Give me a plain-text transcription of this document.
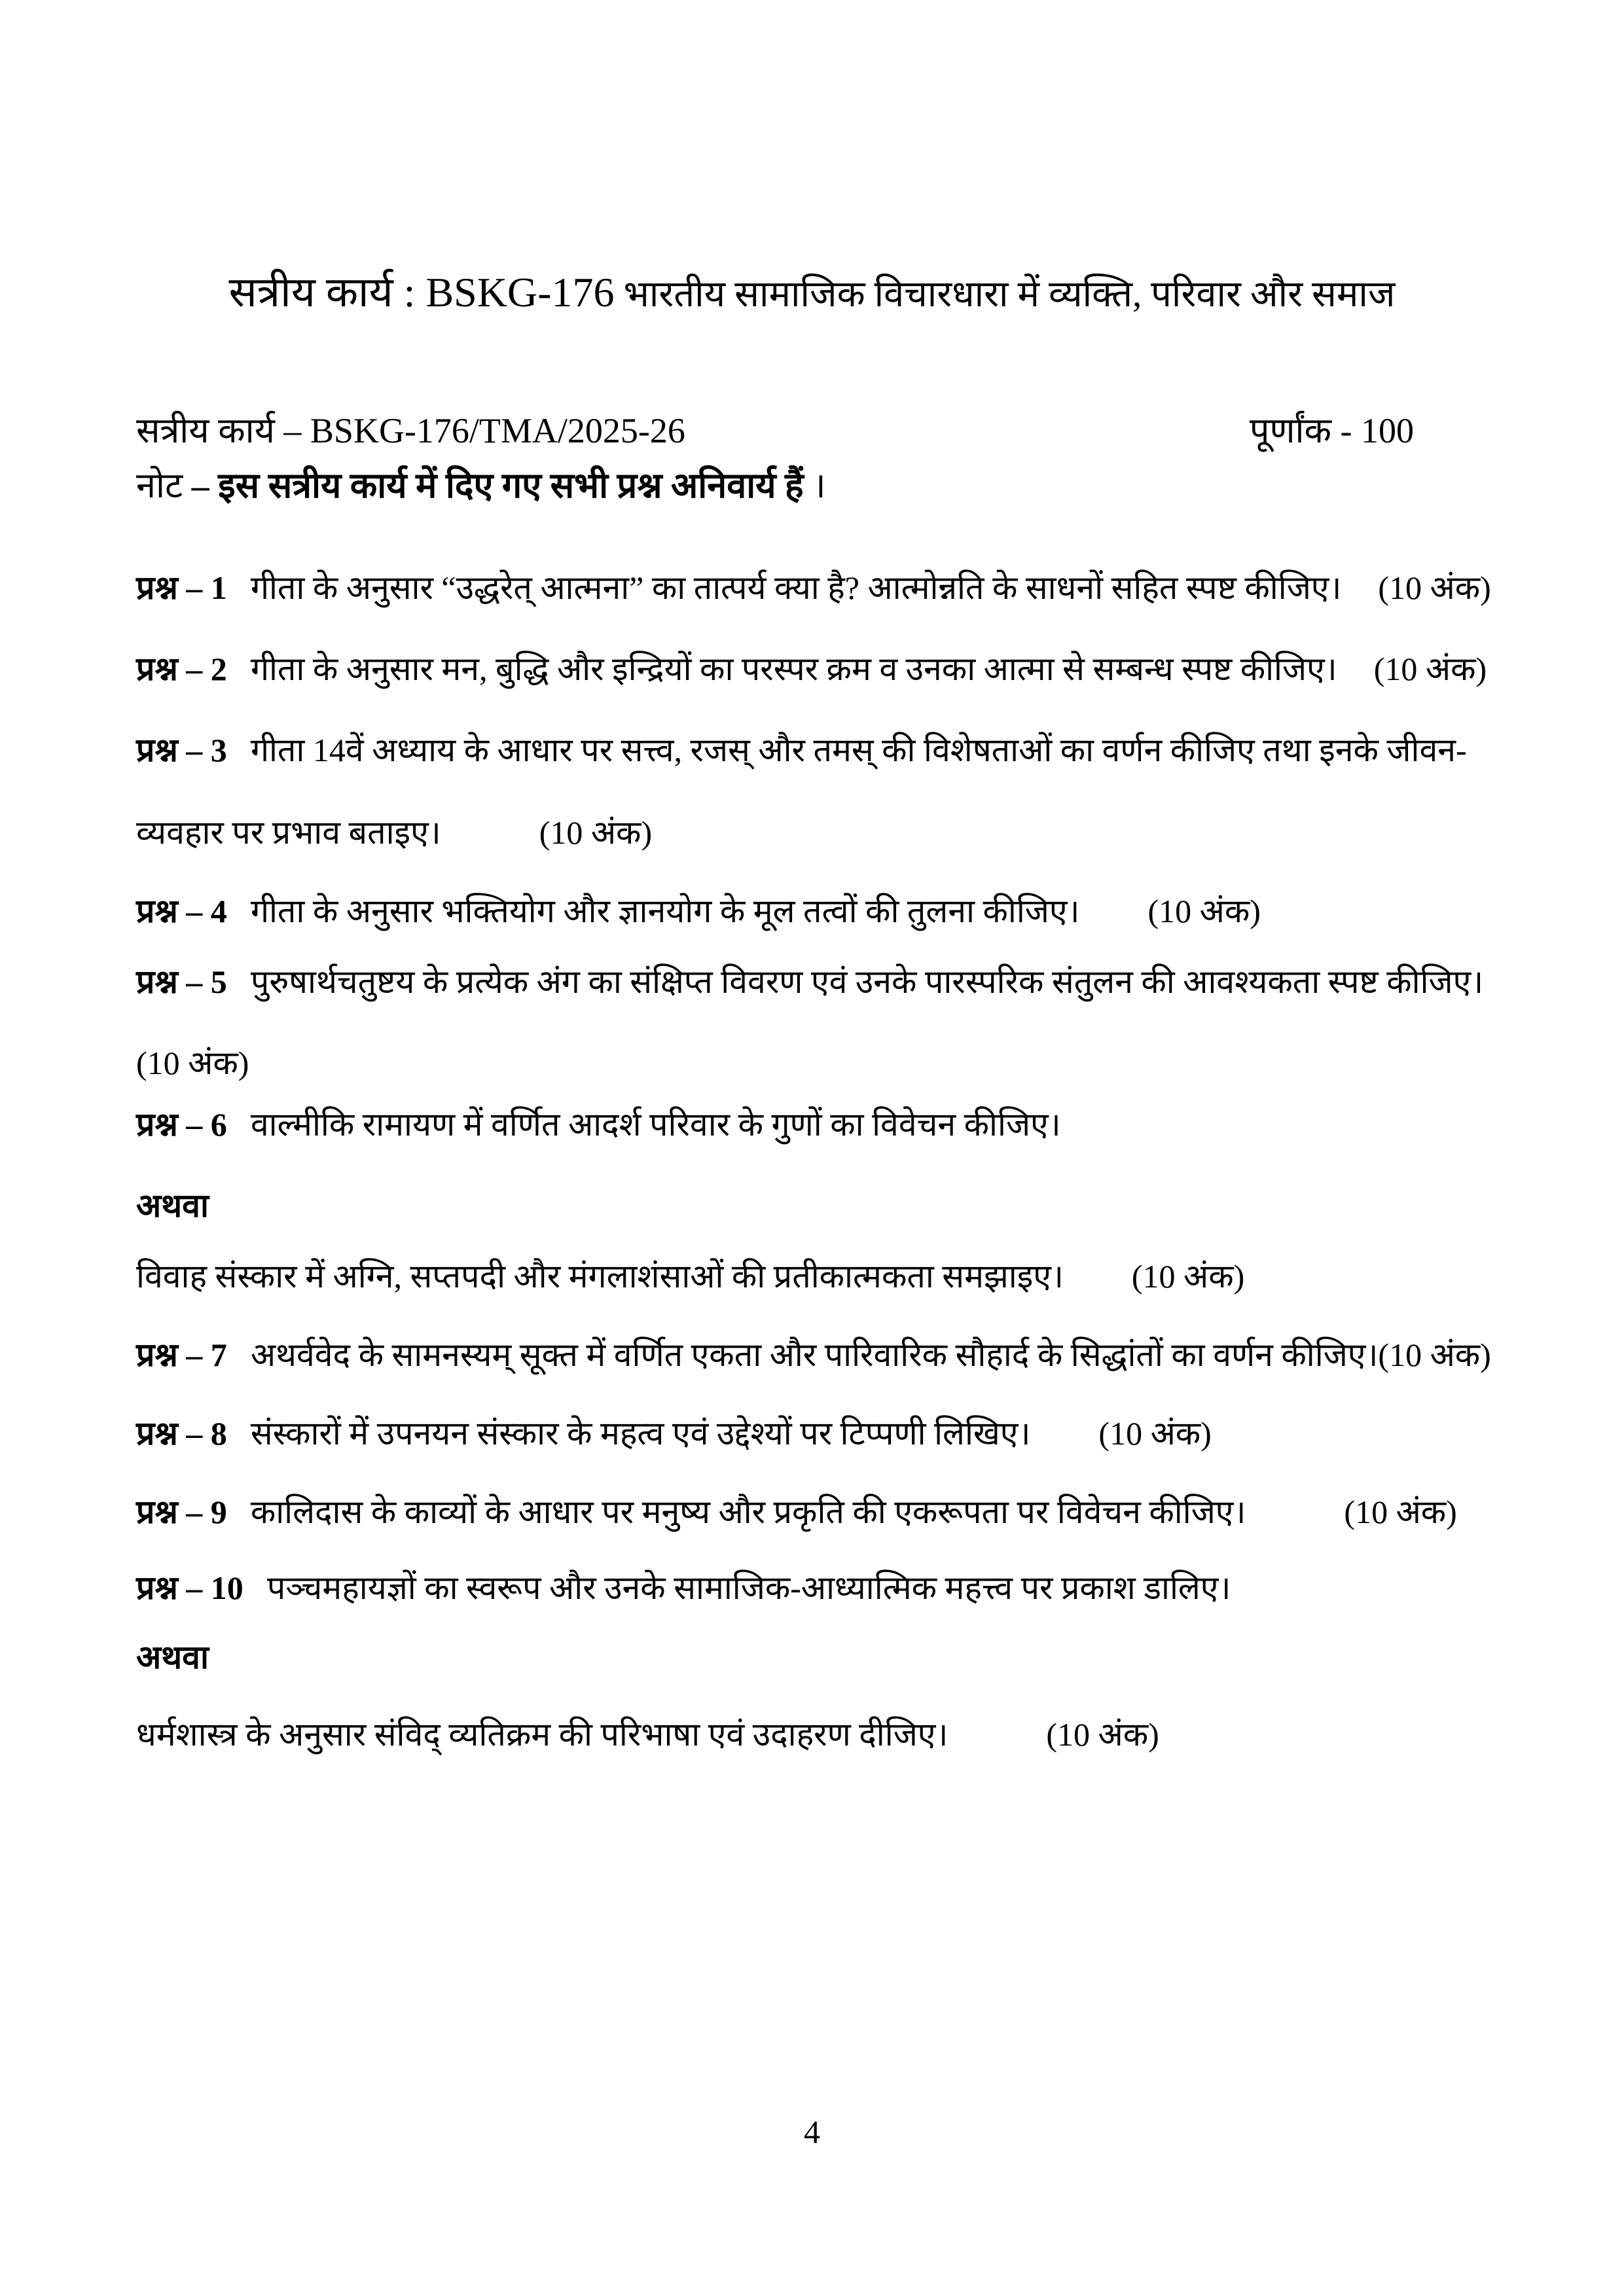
सत्रीय कार्य : BSKG-176 भारतीय सामाजिक विचारधारा में व्यक्ति, परिवार और समाज
सत्रीय कार्य – BSKG-176/TMA/2025-26	पूर्णांक - 100
नोट – इस सत्रीय कार्य में दिए गए सभी प्रश्न अनिवार्य हैं ।
प्रश्न – 1 गीता के अनुसार “उद्धरेत् आत्मना” का तात्पर्य क्या है? आत्मोन्नति के साधनों सहित स्पष्ट कीजिए। (10 अंक)
प्रश्न – 2 गीता के अनुसार मन, बुद्धि और इन्द्रियों का परस्पर क्रम व उनका आत्मा से सम्बन्ध स्पष्ट कीजिए। (10 अंक)
प्रश्न – 3 गीता 14वें अध्याय के आधार पर सत्त्व, रजस् और तमस् की विशेषताओं का वर्णन कीजिए तथा इनके जीवन-
व्यवहार पर प्रभाव बताइए।	(10 अंक)
प्रश्न – 4 गीता के अनुसार भक्तियोग और ज्ञानयोग के मूल तत्वों की तुलना कीजिए। (10 अंक)
प्रश्न – 5 पुरुषार्थचतुष्टय के प्रत्येक अंग का संक्षिप्त विवरण एवं उनके पारस्परिक संतुलन की आवश्यकता स्पष्ट कीजिए।
(10 अंक)
प्रश्न – 6 वाल्मीकि रामायण में वर्णित आदर्श परिवार के गुणों का विवेचन कीजिए।
अथवा
विवाह संस्कार में अग्नि, सप्तपदी और मंगलाशंसाओं की प्रतीकात्मकता समझाइए। (10 अंक)
प्रश्न – 7 अथर्ववेद के सामनस्यम् सूक्त में वर्णित एकता और पारिवारिक सौहार्द के सिद्धांतों का वर्णन कीजिए।(10 अंक)
प्रश्न – 8 संस्कारों में उपनयन संस्कार के महत्व एवं उद्देश्यों पर टिप्पणी लिखिए। (10 अंक)
प्रश्न – 9 कालिदास के काव्यों के आधार पर मनुष्य और प्रकृति की एकरूपता पर विवेचन कीजिए।	(10 अंक)
प्रश्न – 10 पञ्चमहायज्ञों का स्वरूप और उनके सामाजिक-आध्यात्मिक महत्त्व पर प्रकाश डालिए।
अथवा
धर्मशास्त्र के अनुसार संविद् व्यतिक्रम की परिभाषा एवं उदाहरण दीजिए।	(10 अंक)
4
